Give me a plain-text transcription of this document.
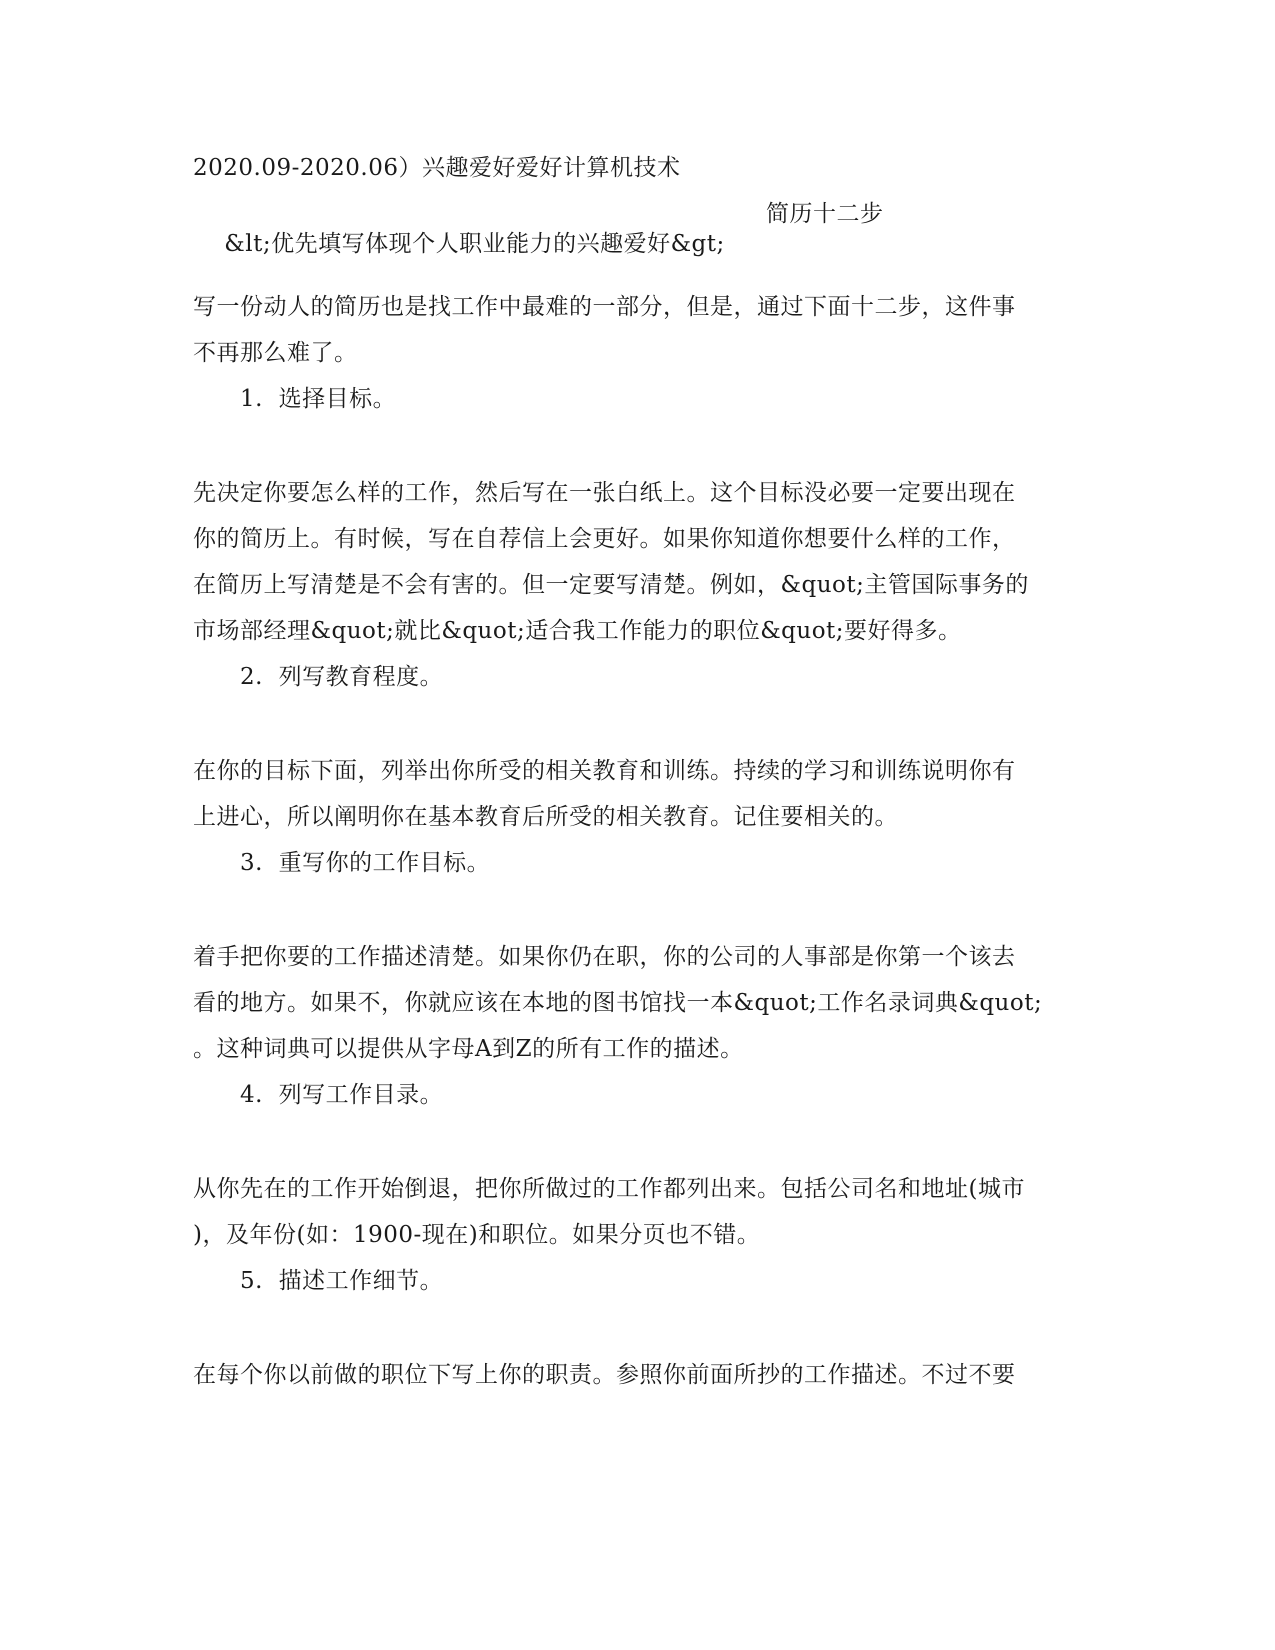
2020.09-2020.06）兴趣爱好爱好计算机技术

&lt;优先填写体现个人职业能力的兴趣爱好&gt;

简历十二步
写一份动人的简历也是找工作中最难的一部分，但是，通过下面十二步，这件事
不再那么难了。
1.  选择目标。
先决定你要怎么样的工作，然后写在一张白纸上。这个目标没必要一定要出现在
你的简历上。有时候，写在自荐信上会更好。如果你知道你想要什么样的工作，
在简历上写清楚是不会有害的。但一定要写清楚。例如，&quot;主管国际事务的
市场部经理&quot;就比&quot;适合我工作能力的职位&quot;要好得多。
2.  列写教育程度。
在你的目标下面，列举出你所受的相关教育和训练。持续的学习和训练说明你有
上进心，所以阐明你在基本教育后所受的相关教育。记住要相关的。
3.  重写你的工作目标。
着手把你要的工作描述清楚。如果你仍在职，你的公司的人事部是你第一个该去
看的地方。如果不，你就应该在本地的图书馆找一本&quot;工作名录词典&quot;
。这种词典可以提供从字母A到Z的所有工作的描述。
4.  列写工作目录。
从你先在的工作开始倒退，把你所做过的工作都列出来。包括公司名和地址(城市
)，及年份(如：1900-现在)和职位。如果分页也不错。
5.  描述工作细节。
在每个你以前做的职位下写上你的职责。参照你前面所抄的工作描述。不过不要
